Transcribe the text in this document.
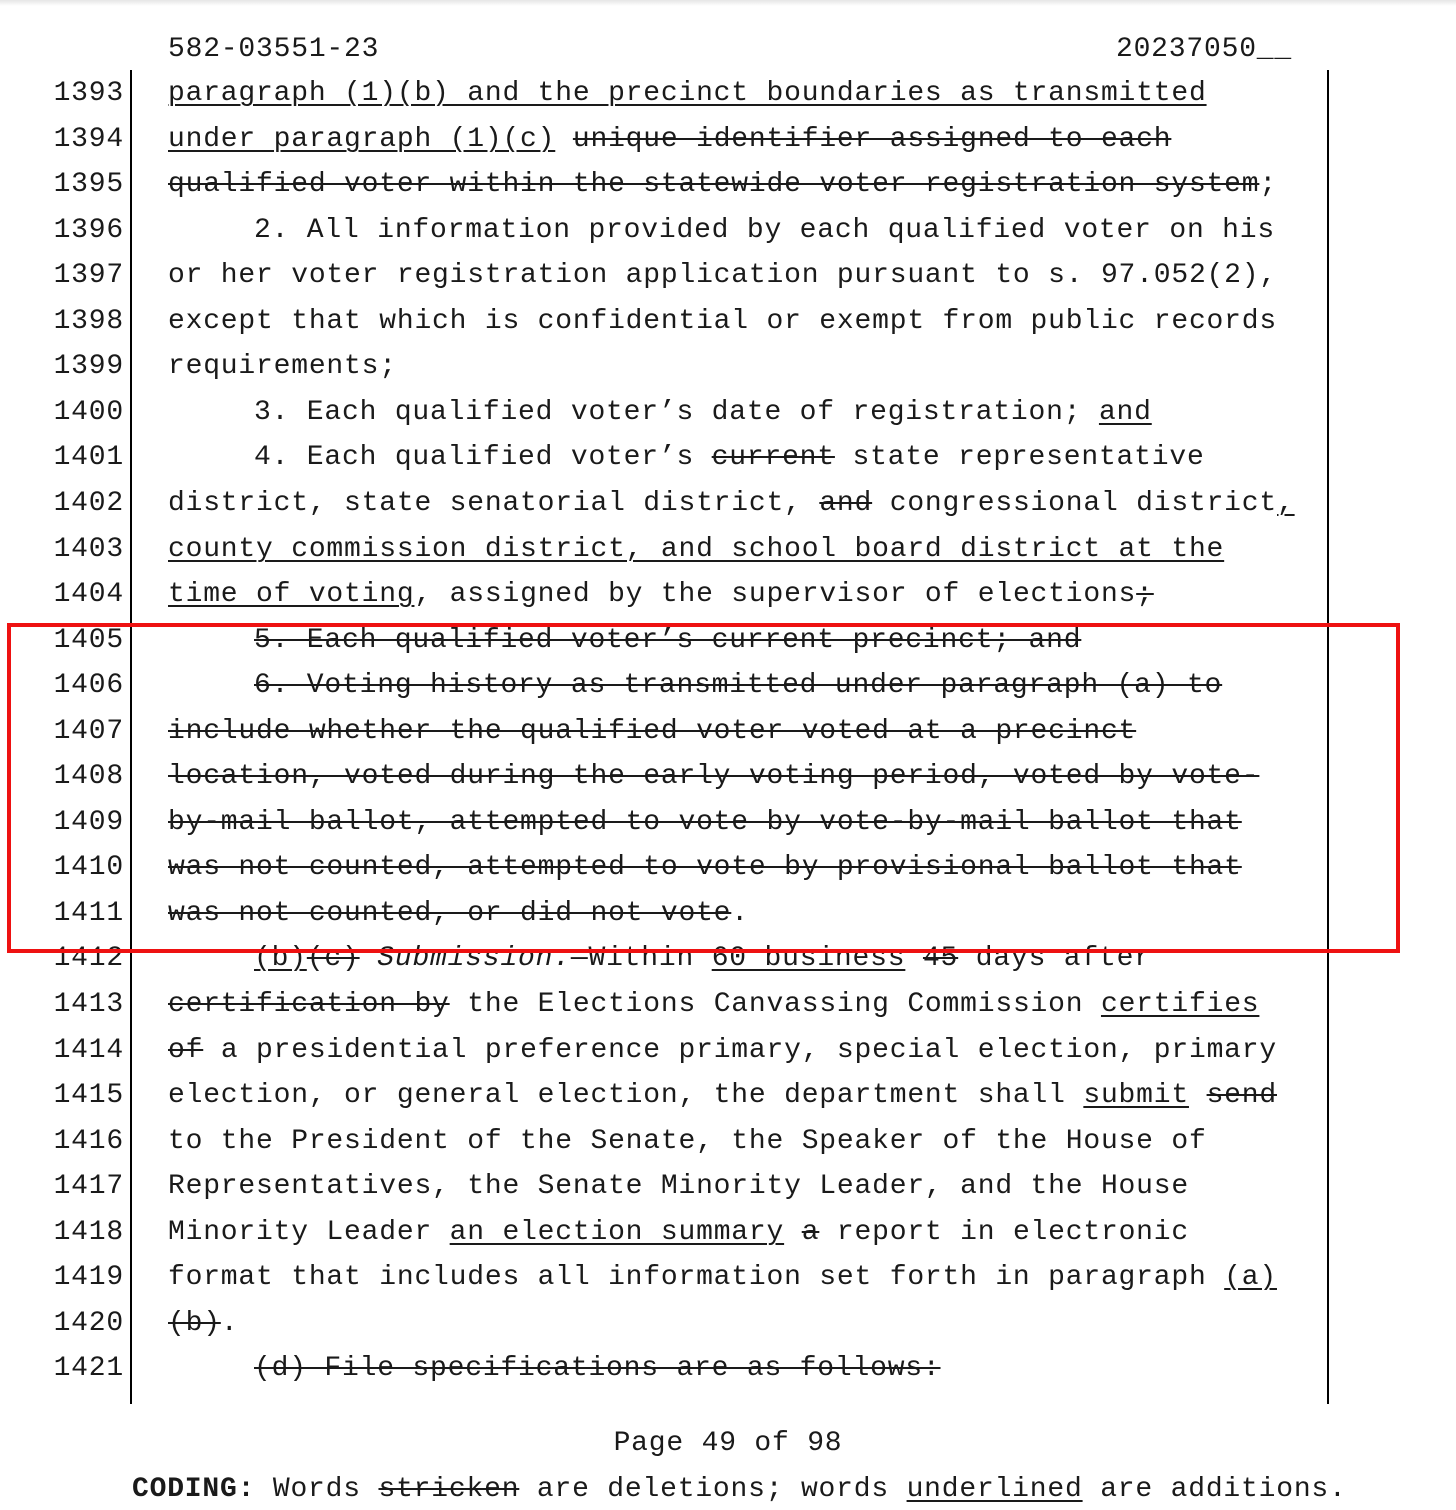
582-03551-23	20237050__
1393 paragraph (1)(b) and the precinct boundaries as transmitted
1394 under paragraph (1)(c) unique identifier assigned to each
1395 qualified voter within the statewide voter registration system;
1396	2. All information provided by each qualified voter on his
1397 or her voter registration application pursuant to s. 97.052(2),
1398 except that which is confidential or exempt from public records
1399 requirements;
1400	3. Each qualified voter’s date of registration; and
1401	4. Each qualified voter’s current state representative
1402 district, state senatorial district, and congressional district,
1403 county commission district, and school board district at the
1404 time of voting, assigned by the supervisor of elections;
1405	5. Each qualified voter’s current precinct; and
1406	6. Voting history as transmitted under paragraph (a) to
1407 include whether the qualified voter voted at a precinct
1408 location, voted during the early voting period, voted by vote-
1409 by-mail ballot, attempted to vote by vote-by-mail ballot that
1410 was not counted, attempted to vote by provisional ballot that
1411 was not counted, or did not vote.
1412	(b)(c) Submission.—Within 60 business 45 days after
1413 certification by the Elections Canvassing Commission certifies
1414 of a presidential preference primary, special election, primary
1415 election, or general election, the department shall submit send
1416 to the President of the Senate, the Speaker of the House of
1417 Representatives, the Senate Minority Leader, and the House
1418 Minority Leader an election summary a report in electronic
1419 format that includes all information set forth in paragraph (a)
1420 (b).
1421	(d) File specifications are as follows:
Page 49 of 98
CODING: Words stricken are deletions; words underlined are additions.
